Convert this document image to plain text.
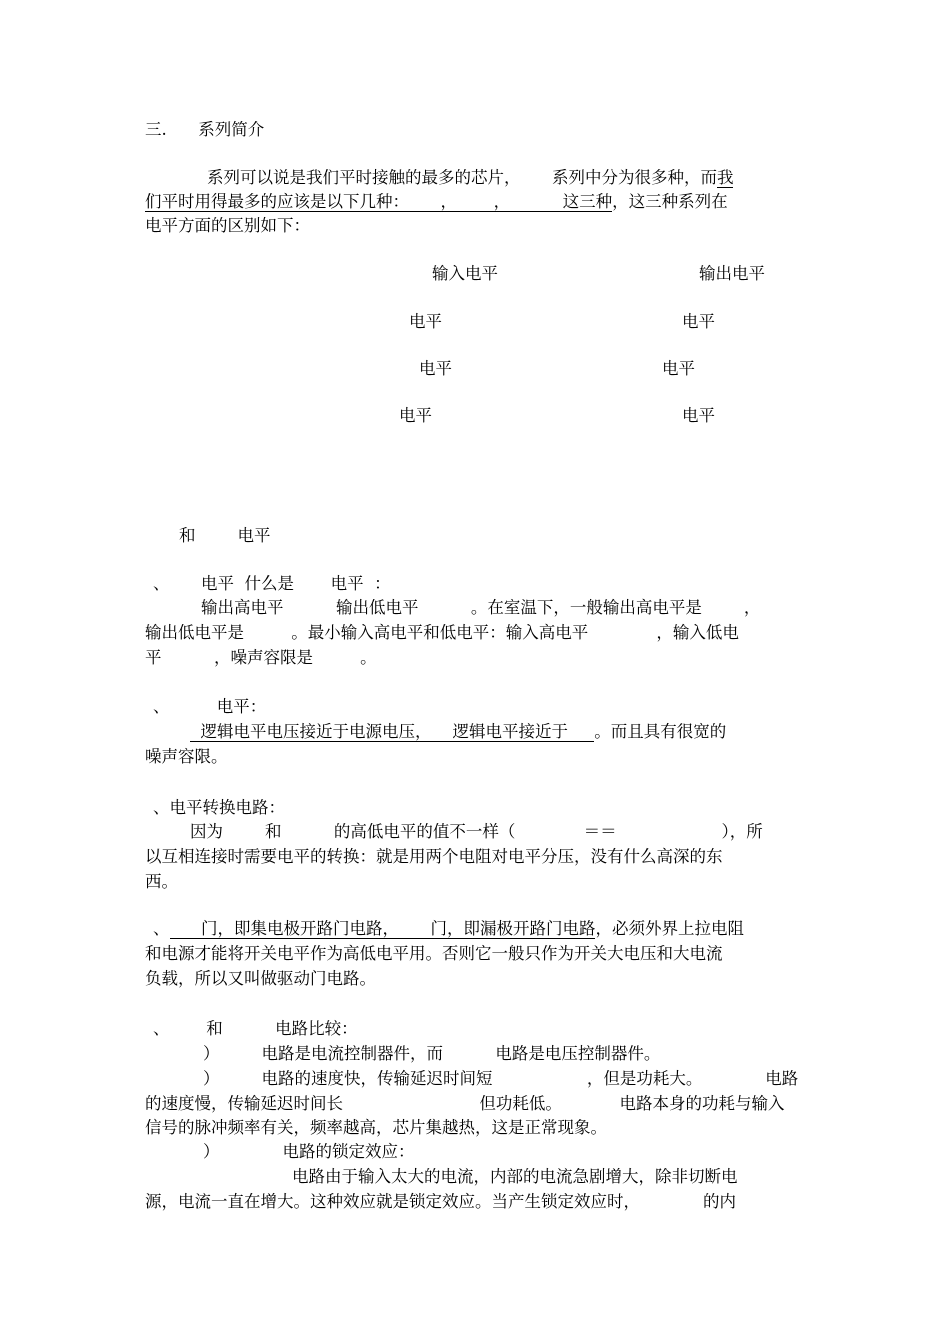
三.      系列简介
系列可以说是我们平时接触的最多的芯片，      系列中分为很多种，而我
们平时用得最多的应该是以下几种：      ，       ，          这三种，这三种系列在
电平方面的区别如下：
输入电平	输出电平
电平	电平
电平	电平
电平	电平
和        电平
、      电平  什么是       电平  ：
输出高电平          输出低电平          。在室温下，一般输出高电平是        ，
输出低电平是         。最小输入高电平和低电平：输入高电平             ，输入低电
平          ，噪声容限是         。
、         电平：
逻辑电平电压接近于电源电压，    逻辑电平接近于     。而且具有很宽的
噪声容限。
、电平转换电路：
因为        和          的高低电平的值不一样（             ＝＝                    ），所
以互相连接时需要电平的转换：就是用两个电阻对电平分压，没有什么高深的东
西。
、      门，即集电极开路门电路，      门，即漏极开路门电路，必须外界上拉电阻
和电源才能将开关电平作为高低电平用。否则它一般只作为开关大电压和大电流
负载，所以又叫做驱动门电路。
、       和          电路比较：
）        电路是电流控制器件，而          电路是电压控制器件。
）        电路的速度快，传输延迟时间短                  ，但是功耗大。            电路
的速度慢，传输延迟时间长                          但功耗低。           电路本身的功耗与输入
信号的脉冲频率有关，频率越高，芯片集越热，这是正常现象。
）            电路的锁定效应：
电路由于输入太大的电流，内部的电流急剧增大，除非切断电
源，电流一直在增大。这种效应就是锁定效应。当产生锁定效应时，            的内
